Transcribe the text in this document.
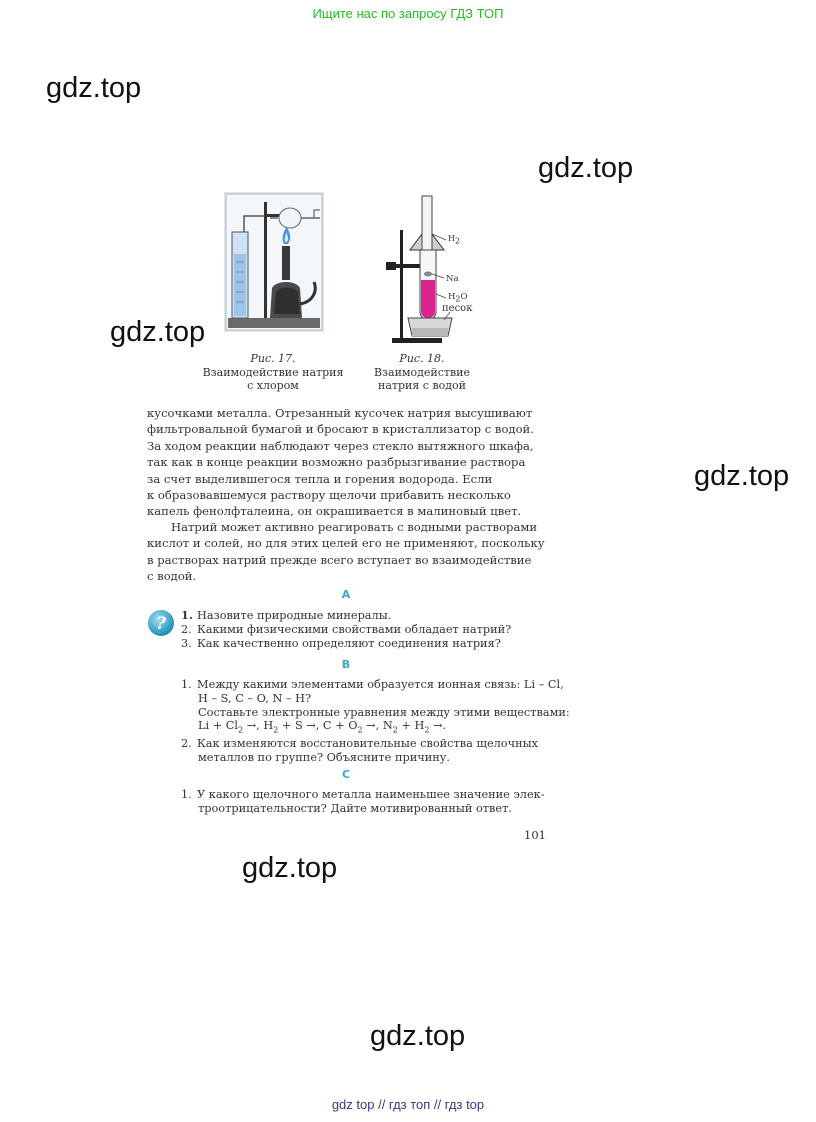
Ищите нас по запросу ГДЗ ТОП
gdz.top
gdz.top
gdz.top
gdz.top
gdz.top
gdz.top
Рис. 17.
Взаимодействие натрия
с хлором
$H_2$
Na
$H_2O$
песок
Рис. 18.
Взаимодействие
натрия с водой
кусочками металла. Отрезанный кусочек натрия высушивают
фильтровальной бумагой и бросают в кристаллизатор с водой.
За ходом реакции наблюдают через стекло вытяжного шкафа,
так как в конце реакции возможно разбрызгивание раствора
за счет выделившегося тепла и горения водорода. Если
к образовавшемуся раствору щелочи прибавить несколько
капель фенолфталеина, он окрашивается в малиновый цвет.
Натрий может активно реагировать с водными растворами
кислот и солей, но для этих целей его не применяют, поскольку
в растворах натрий прежде всего вступает во взаимодействие
с водой.
А
? 1. Назовите природные минералы.
2. Какими физическими свойствами обладает натрий?
3. Как качественно определяют соединения натрия?
В
1. Между какими элементами образуется ионная связь: Li – Cl,
H – S, C – O, N – H?
Составьте электронные уравнения между этими веществами:
$Li + Cl_2$ →, $H_2 + S$ →, $C + O_2$ →, $N_2 + H_2$ →.
2. Как изменяются восстановительные свойства щелочных
металлов по группе? Объясните причину.
С
1. У какого щелочного металла наименьшее значение элек-
троотрицательности? Дайте мотивированный ответ.
101
gdz top // гдз топ // гдз top
